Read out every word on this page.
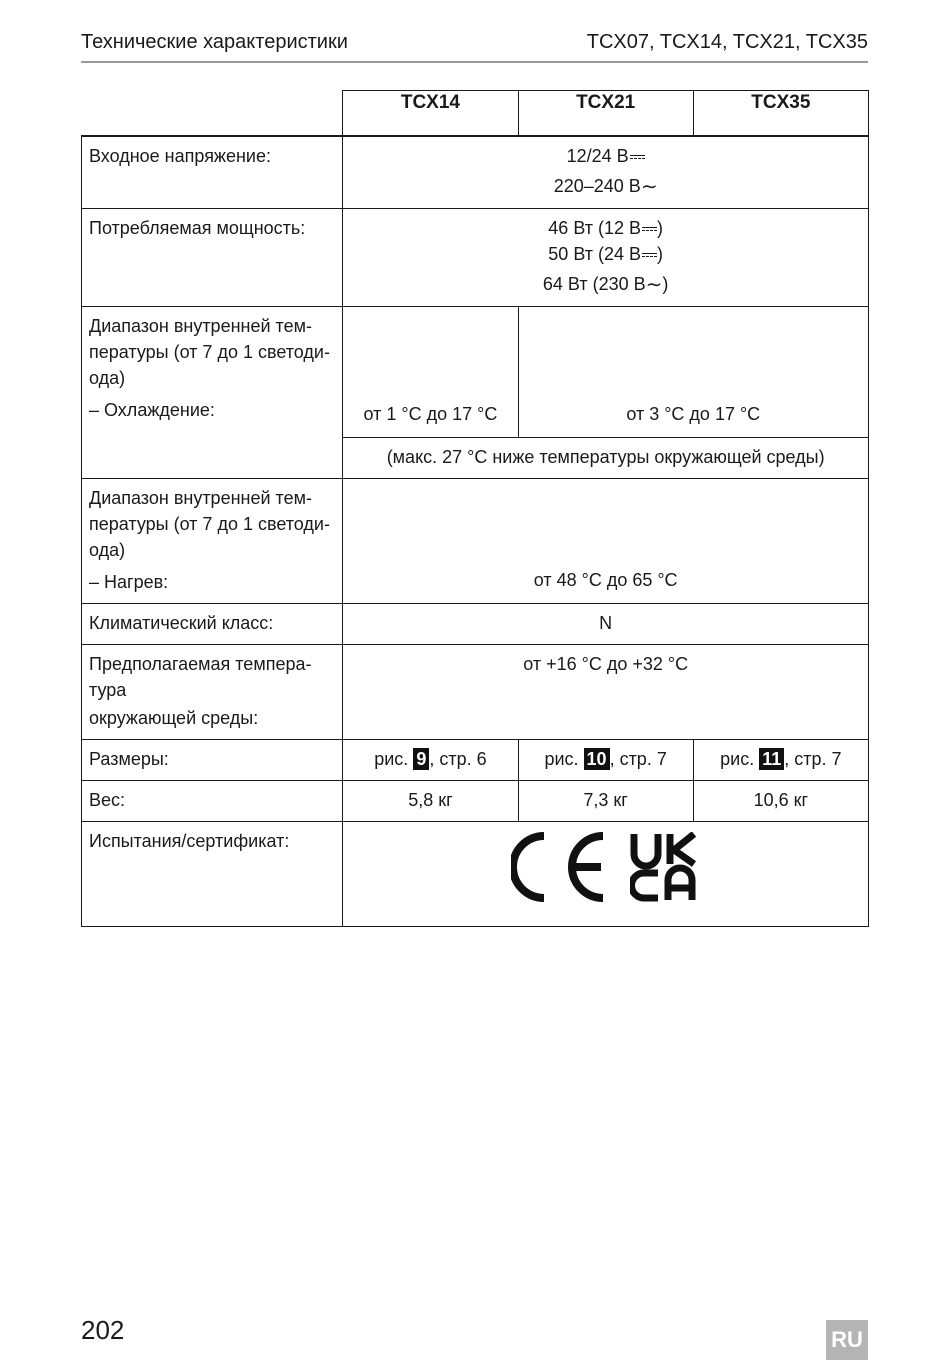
Технические характеристики	TCX07, TCX14, TCX21, TCX35
	TCX14	TCX21	TCX35
Входное напряжение:	12/24 В
220–240 В∼		

Потребляемая мощность:	46 Вт (12 В )
50 Вт (24 В )
64 Вт (230 В∼)		

Диапазон внутренней тем-пературы (от 7 до 1 светоди-ода)
– Охлаждение:	от 1 °C до 17 °C	от 3 °C до 17 °C	
	(макс. 27 °C ниже температуры окружающей среды)		
Диапазон внутренней тем-пературы (от 7 до 1 светоди-ода)
– Нагрев:	от 48 °C до 65 °C		
Климатический класс:	N		
Предполагаемая темпера-тура
окружающей среды:	от +16 °C до +32 °C		
Размеры:	рис. 9 , стр. 6	рис. 10 , стр. 7	рис. 11 , стр. 7
Вес:	5,8 кг	7,3 кг	10,6 кг
Испытания/сертификат:	

202	RU
